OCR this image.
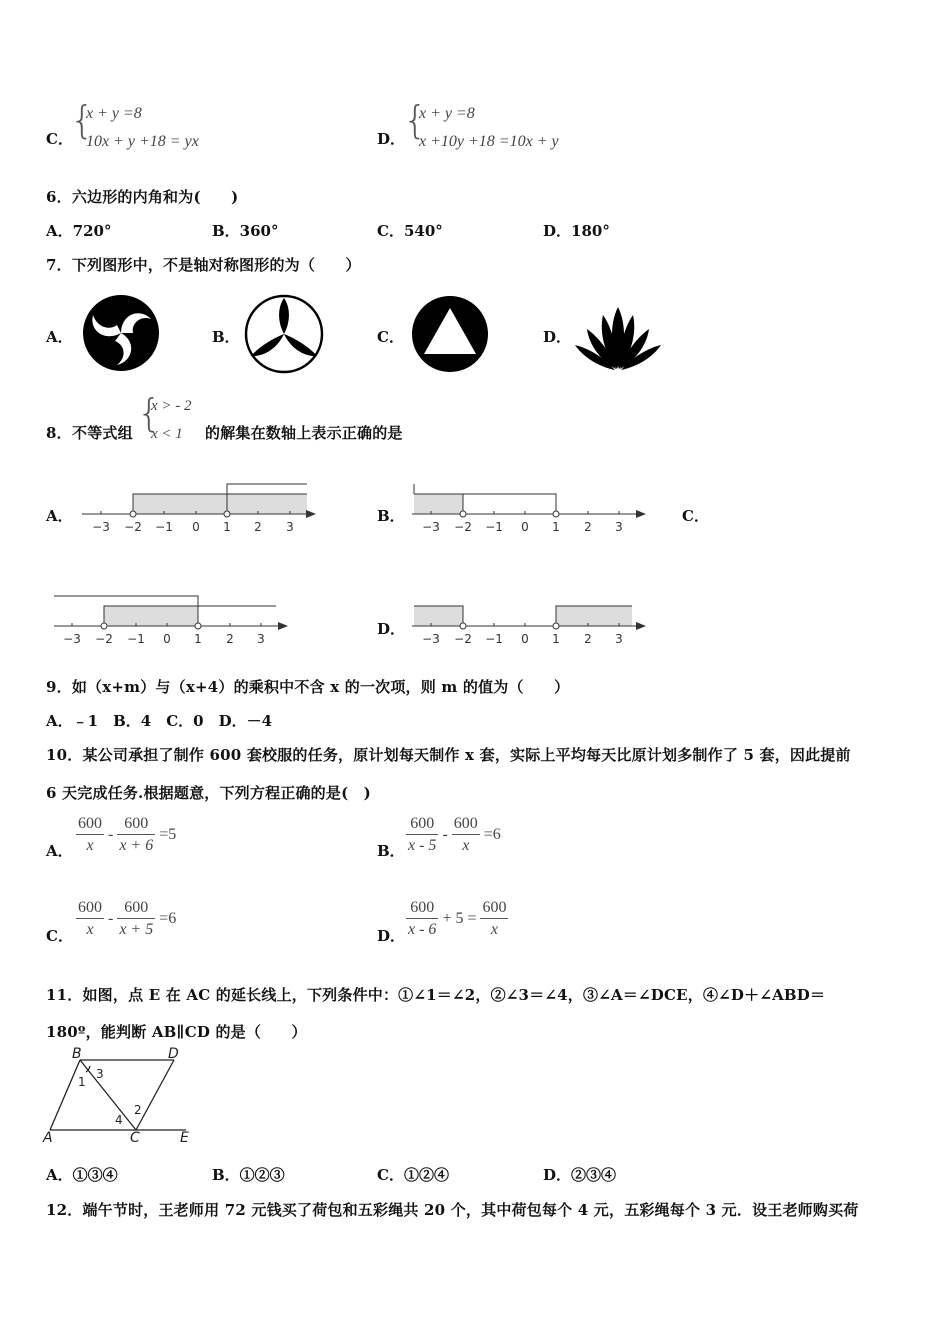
C．
{
x + y =8
10x + y +18 = yx	D．
{
x + y =8
x +10y +18 =10x + y
6．六边形的内角和为(　　)
A．720°	B．360°	C．540°	D．180°
7．下列图形中，不是轴对称图形的为（　　）
A．	B．	C．	D．
8． 不等式组 {
x > - 2
x < 1	的解集在数轴上表示正确的是
A．
−3 −2 −1 0 1 2 3
B．
−3 −2 −1 0 1 2 3
C．
−3 −2 −1 0 1 2 3
D．
−3 −2 −1 0 1 2 3
9．如（x+m）与（x+4）的乘积中不含 x 的一次项，则 m 的值为（　　）
A．﹣1　B．4　C．0　D．－4
10．某公司承担了制作 600 套校服的任务，原计划每天制作 x 套，实际上平均每天比原计划多制作了 5 套，因此提前
6 天完成任务.根据题意，下列方程正确的是(　)
A． $\frac{600}{x} - \frac{600}{x + 6} =5$
B． $\frac{600}{x - 5} - \frac{600}{x} =6$
C． $\frac{600}{x} - \frac{600}{x + 5} =6$
D． $\frac{600}{x - 6} + 5 = \frac{600}{x}$
11．如图，点 E 在 AC 的延长线上，下列条件中：①∠1＝∠2，②∠3＝∠4，③∠A＝∠DCE，④∠D＋∠ABD＝
180º，能判断 AB∥CD 的是（　　）
B	D
A	C	E
1
3
4
2
A．①③④	B．①②③	C．①②④	D．②③④
12．端午节时，王老师用 72 元钱买了荷包和五彩绳共 20 个，其中荷包每个 4 元，五彩绳每个 3 元．设王老师购买荷
